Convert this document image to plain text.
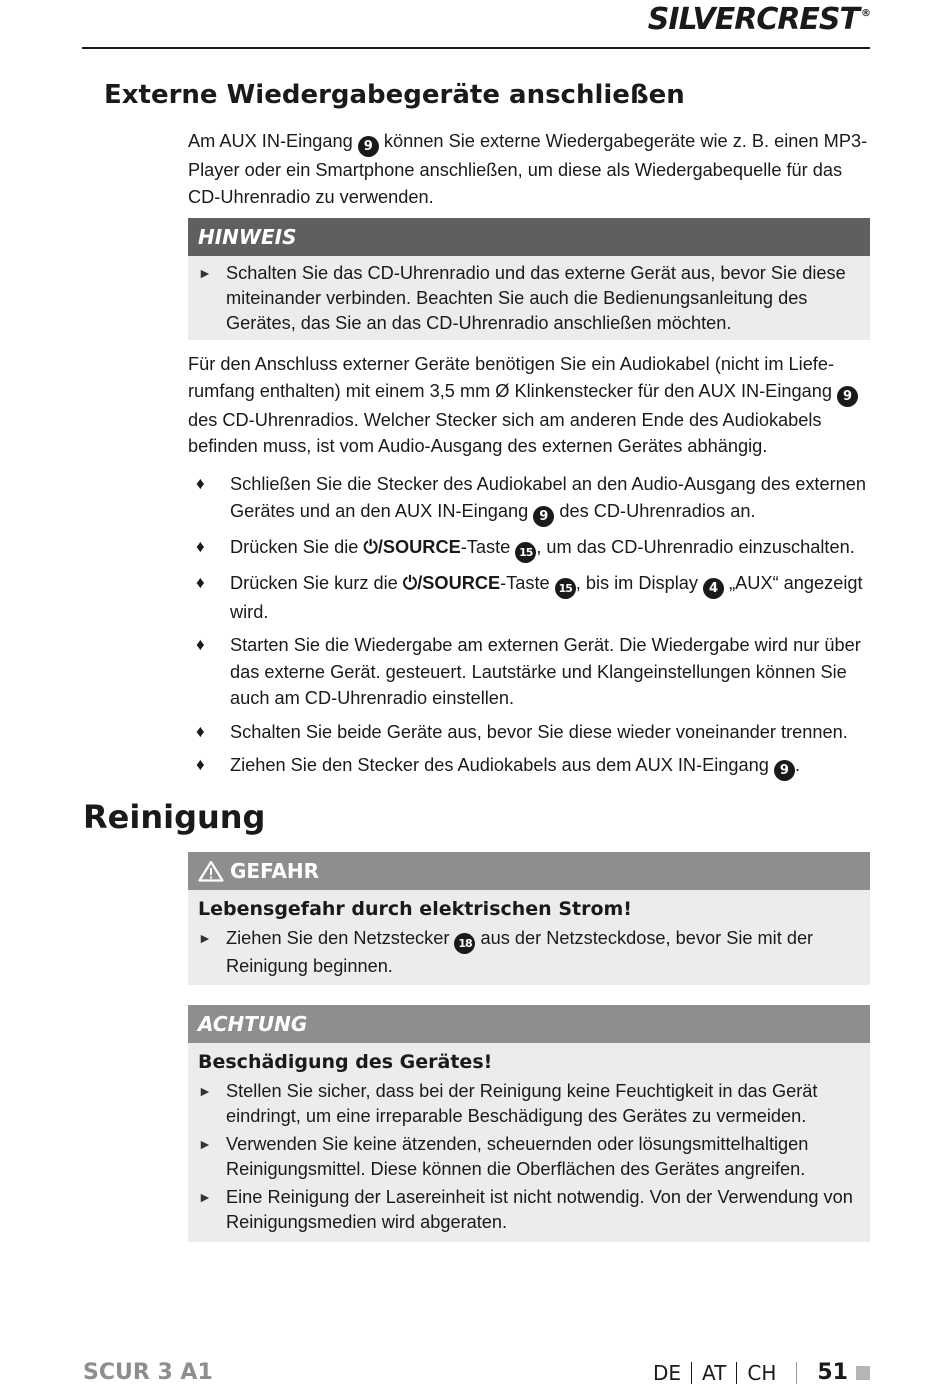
SILVERCREST ®
Externe Wiedergabegeräte anschließen

Am AUX IN-Eingang 9 können Sie externe Wiedergabegeräte wie z. B. einen MP3-Player oder ein Smartphone anschließen, um diese als Wiedergabequelle für das CD-Uhrenradio zu verwenden.

HINWEIS
► Schalten Sie das CD-Uhrenradio und das externe Gerät aus, bevor Sie diese miteinander verbinden. Beachten Sie auch die Bedienungsanleitung des Gerätes, das Sie an das CD-Uhrenradio anschließen möchten.

Für den Anschluss externer Geräte benötigen Sie ein Audiokabel (nicht im Lieferumfang enthalten) mit einem 3,5 mm Ø Klinkenstecker für den AUX IN-Eingang 9 des CD-Uhrenradios. Welcher Stecker sich am anderen Ende des Audiokabels befinden muss, ist vom Audio-Ausgang des externen Gerätes abhängig.

♦ Schließen Sie die Stecker des Audiokabel an den Audio-Ausgang des externen Gerätes und an den AUX IN-Eingang 9 des CD-Uhrenradios an.
♦ Drücken Sie die ⏻/SOURCE-Taste 15 , um das CD-Uhrenradio einzuschalten.
♦ Drücken Sie kurz die ⏻/SOURCE-Taste 15 , bis im Display 4 „AUX“ angezeigt wird.
♦ Starten Sie die Wiedergabe am externen Gerät. Die Wiedergabe wird nur über das externe Gerät. gesteuert. Lautstärke und Klangeinstellungen können Sie auch am CD-Uhrenradio einstellen.
♦ Schalten Sie beide Geräte aus, bevor Sie diese wieder voneinander trennen.
♦ Ziehen Sie den Stecker des Audiokabels aus dem AUX IN-Eingang 9 .
Reinigung
GEFAHR
Lebensgefahr durch elektrischen Strom!
► Ziehen Sie den Netzstecker 18 aus der Netzsteckdose, bevor Sie mit der Reinigung beginnen.
ACHTUNG
Beschädigung des Gerätes!
► Stellen Sie sicher, dass bei der Reinigung keine Feuchtigkeit in das Gerät eindringt, um eine irreparable Beschädigung des Gerätes zu vermeiden.
► Verwenden Sie keine ätzenden, scheuernden oder lösungsmittelhaltigen Reinigungsmittel. Diese können die Oberflächen des Gerätes angreifen.
► Eine Reinigung der Lasereinheit ist nicht notwendig. Von der Verwendung von Reinigungsmedien wird abgeraten.
SCUR 3 A1	DE AT CH 51
